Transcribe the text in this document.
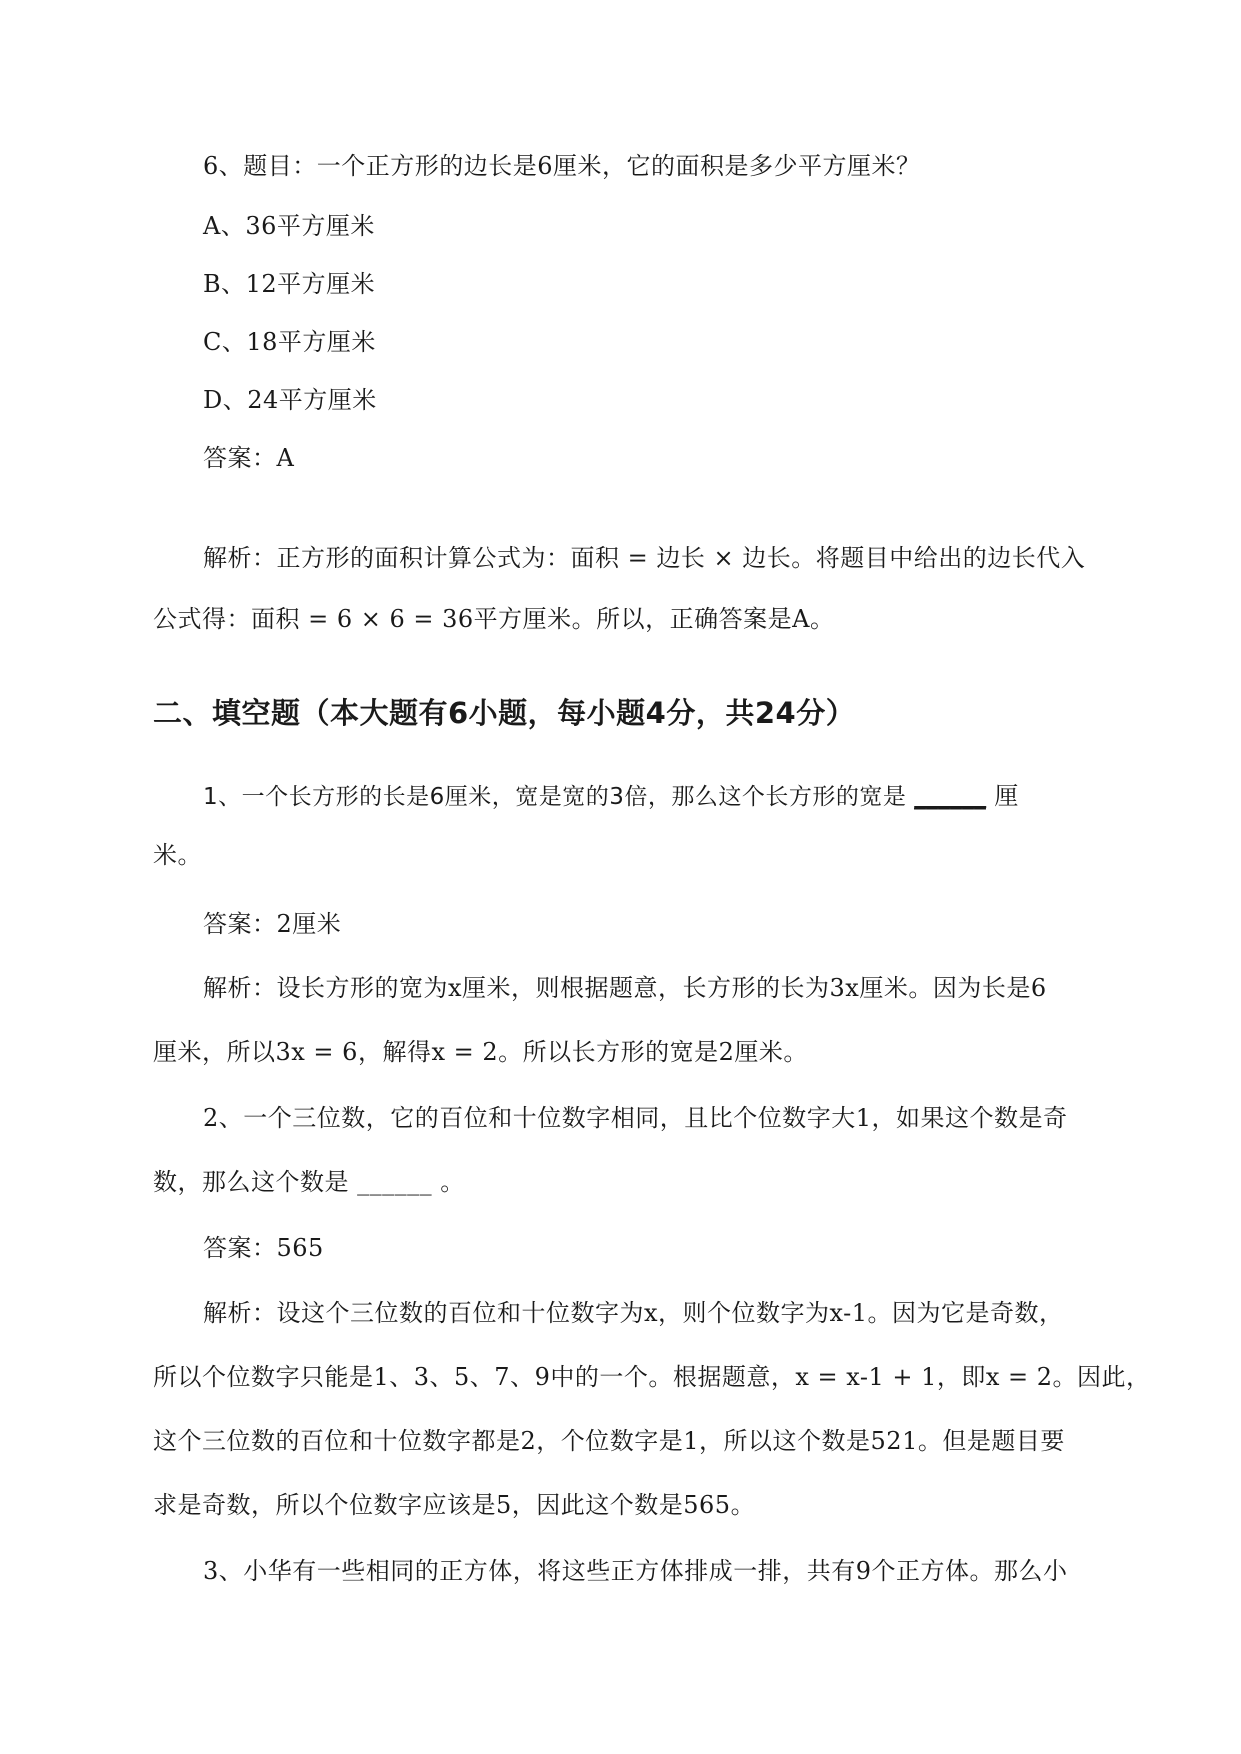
6、题目：一个正方形的边长是6厘米，它的面积是多少平方厘米？
A、36平方厘米
B、12平方厘米
C、18平方厘米
D、24平方厘米
答案：A
解析：正方形的面积计算公式为：面积 = 边长 × 边长。将题目中给出的边长代入
公式得：面积 = 6 × 6 = 36平方厘米。所以，正确答案是A。
二、填空题（本大题有6小题，每小题4分，共24分）
1、一个长方形的长是6厘米，宽是宽的3倍，那么这个长方形的宽是 ______ 厘
米。
答案：2厘米
解析：设长方形的宽为x厘米，则根据题意，长方形的长为3x厘米。因为长是6
厘米，所以3x = 6，解得x = 2。所以长方形的宽是2厘米。
2、一个三位数，它的百位和十位数字相同，且比个位数字大1，如果这个数是奇
数，那么这个数是 ______ 。
答案：565
解析：设这个三位数的百位和十位数字为x，则个位数字为x-1。因为它是奇数，
所以个位数字只能是1、3、5、7、9中的一个。根据题意，x = x-1 + 1，即x = 2。因此，
这个三位数的百位和十位数字都是2，个位数字是1，所以这个数是521。但是题目要
求是奇数，所以个位数字应该是5，因此这个数是565。
3、小华有一些相同的正方体，将这些正方体排成一排，共有9个正方体。那么小
